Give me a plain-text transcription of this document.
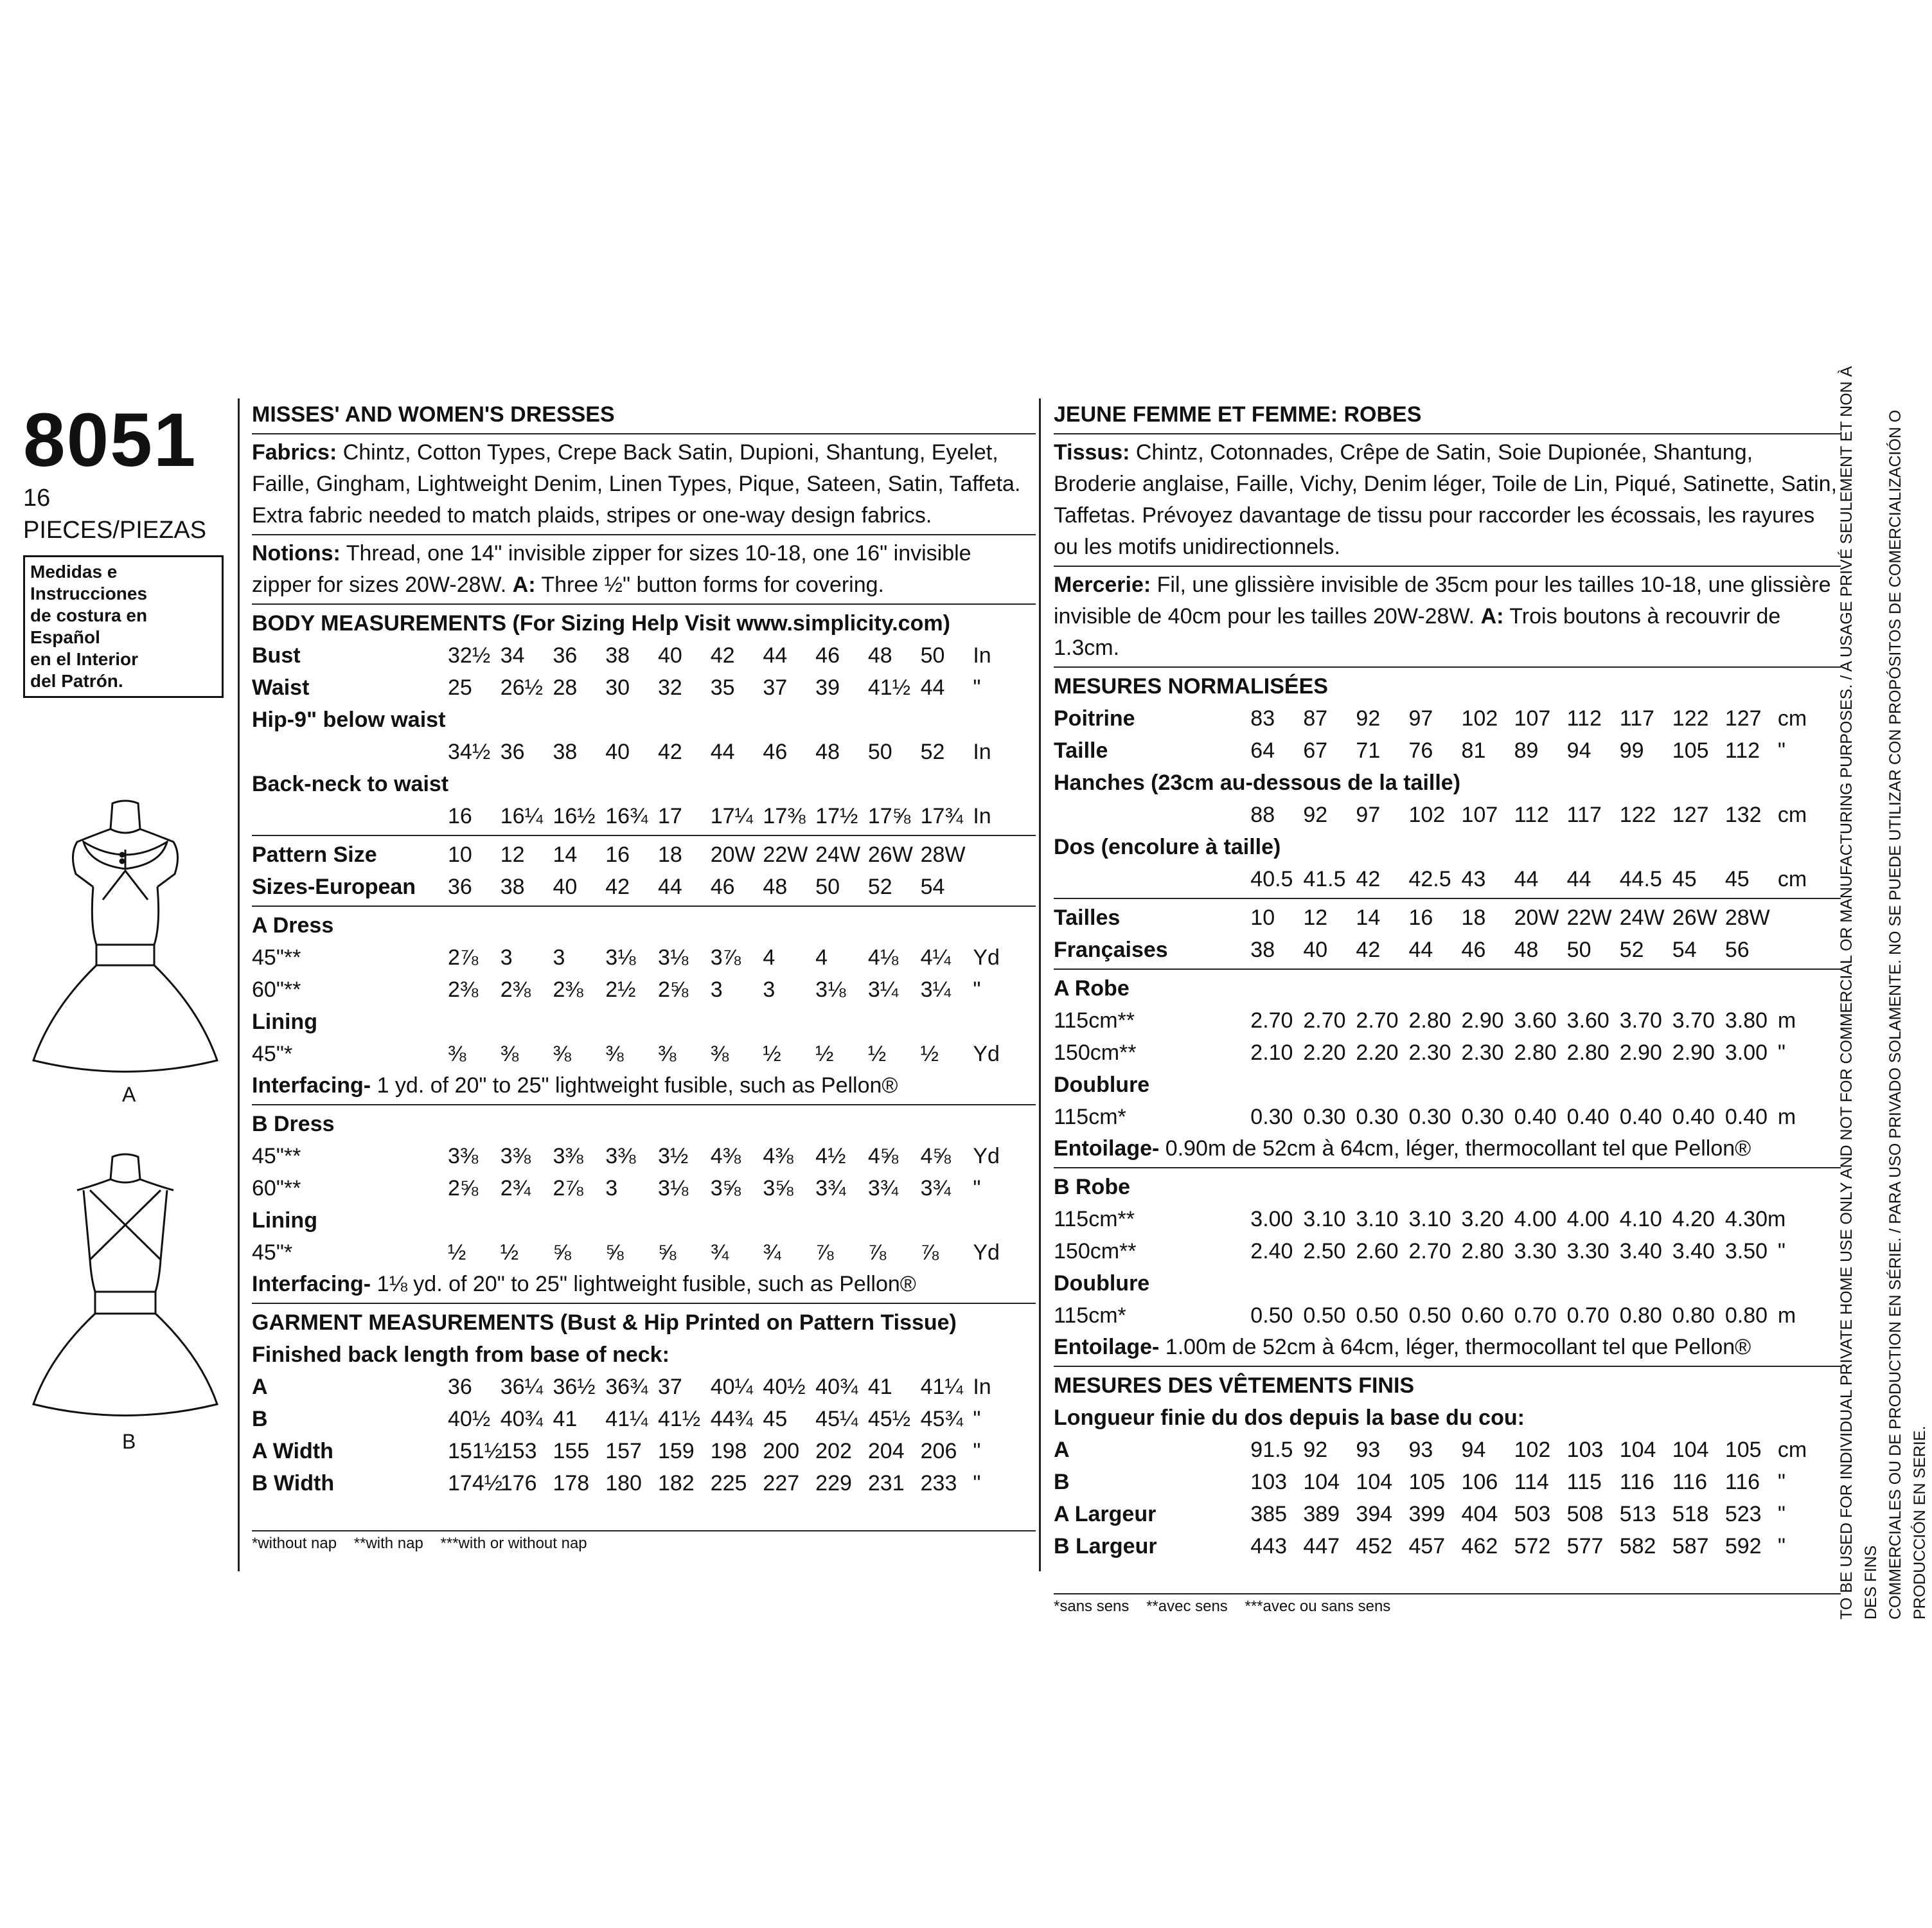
8051
16 PIECES/PIEZAS
Medidas e Instrucciones
de costura en Español
en el Interior
del Patrón.
A
B
MISSES' AND WOMEN'S DRESSES

Fabrics: Chintz, Cotton Types, Crepe Back Satin, Dupioni, Shantung, Eyelet, Faille, Gingham, Lightweight Denim, Linen Types, Pique, Sateen, Satin, Taffeta. Extra fabric needed to match plaids, stripes or one-way design fabrics.

Notions: Thread, one 14" invisible zipper for sizes 10-18, one 16" invisible zipper for sizes 20W-28W. A: Three ½" button forms for covering.

BODY MEASUREMENTS (For Sizing Help Visit www.simplicity.com)
Bust	32½	34	36	38	40	42	44	46	48	50	In
Waist	25	26½	28	30	32	35	37	39	41½	44	"
Hip-9" below waist											
	34½	36	38	40	42	44	46	48	50	52	In
Back-neck to waist											
	16	16¼	16½	16¾	17	17¼	17⅜	17½	17⅝	17¾	In
Pattern Size	10	12	14	16	18	20W	22W	24W	26W	28W	
Sizes-European	36	38	40	42	44	46	48	50	52	54	
A Dress											
45"**	2⅞	3	3	3⅛	3⅛	3⅞	4	4	4⅛	4¼	Yd
60"**	2⅜	2⅜	2⅜	2½	2⅝	3	3	3⅛	3¼	3¼	"
Lining											
45"*	⅜	⅜	⅜	⅜	⅜	⅜	½	½	½	½	Yd

Interfacing- 1 yd. of 20" to 25" lightweight fusible, such as Pellon®

B Dress											
45"**	3⅜	3⅜	3⅜	3⅜	3½	4⅜	4⅜	4½	4⅝	4⅝	Yd
60"**	2⅝	2¾	2⅞	3	3⅛	3⅝	3⅝	3¾	3¾	3¾	"
Lining											
45"*	½	½	⅝	⅝	⅝	¾	¾	⅞	⅞	⅞	Yd

Interfacing- 1⅛ yd. of 20" to 25" lightweight fusible, such as Pellon®

GARMENT MEASUREMENTS (Bust & Hip Printed on Pattern Tissue)
Finished back length from base of neck:
A	36	36¼	36½	36¾	37	40¼	40½	40¾	41	41¼	In
B	40½	40¾	41	41¼	41½	44¾	45	45¼	45½	45¾	"
A Width	151½	153	155	157	159	198	200	202	204	206	"
B Width	174½	176	178	180	182	225	227	229	231	233	"
*without nap    **with nap    ***with or without nap
JEUNE FEMME ET FEMME: ROBES

Tissus: Chintz, Cotonnades, Crêpe de Satin, Soie Dupionée, Shantung, Broderie anglaise, Faille, Vichy, Denim léger, Toile de Lin, Piqué, Satinette, Satin, Taffetas. Prévoyez davantage de tissu pour raccorder les écossais, les rayures ou les motifs unidirectionnels.

Mercerie: Fil, une glissière invisible de 35cm pour les tailles 10-18, une glissière invisible de 40cm pour les tailles 20W-28W. A: Trois boutons à recouvrir de 1.3cm.

MESURES NORMALISÉES
Poitrine	83	87	92	97	102	107	112	117	122	127	cm
Taille	64	67	71	76	81	89	94	99	105	112	"
Hanches (23cm au-dessous de la taille)											
	88	92	97	102	107	112	117	122	127	132	cm
Dos (encolure à taille)											
	40.5	41.5	42	42.5	43	44	44	44.5	45	45	cm
Tailles	10	12	14	16	18	20W	22W	24W	26W	28W	
Françaises	38	40	42	44	46	48	50	52	54	56	
A Robe											
115cm**	2.70	2.70	2.70	2.80	2.90	3.60	3.60	3.70	3.70	3.80	m
150cm**	2.10	2.20	2.20	2.30	2.30	2.80	2.80	2.90	2.90	3.00	"
Doublure											
115cm*	0.30	0.30	0.30	0.30	0.30	0.40	0.40	0.40	0.40	0.40	m

Entoilage- 0.90m de 52cm à 64cm, léger, thermocollant tel que Pellon®

B Robe											
115cm**	3.00	3.10	3.10	3.10	3.20	4.00	4.00	4.10	4.20	4.30m	
150cm**	2.40	2.50	2.60	2.70	2.80	3.30	3.30	3.40	3.40	3.50	"
Doublure											
115cm*	0.50	0.50	0.50	0.50	0.60	0.70	0.70	0.80	0.80	0.80	m

Entoilage- 1.00m de 52cm à 64cm, léger, thermocollant tel que Pellon®

MESURES DES VÊTEMENTS FINIS
Longueur finie du dos depuis la base du cou:
A	91.5	92	93	93	94	102	103	104	104	105	cm
B	103	104	104	105	106	114	115	116	116	116	"
A Largeur	385	389	394	399	404	503	508	513	518	523	"
B Largeur	443	447	452	457	462	572	577	582	587	592	"
*sans sens    **avec sens    ***avec ou sans sens	TO BE USED FOR INDIVIDUAL PRIVATE HOME USE ONLY AND NOT FOR COMMERCIAL OR MANUFACTURING PURPOSES. / A USAGE PRIVÉ SEULEMENT ET NON À DES FINS COMMERCIALES OU DE PRODUCTION EN SÉRIE. / PARA USO PRIVADO SOLAMENTE. NO SE PUEDE UTILIZAR CON PROPÓSITOS DE COMERCIALIZACIÓN O PRODUCCIÓN EN SERIE.
